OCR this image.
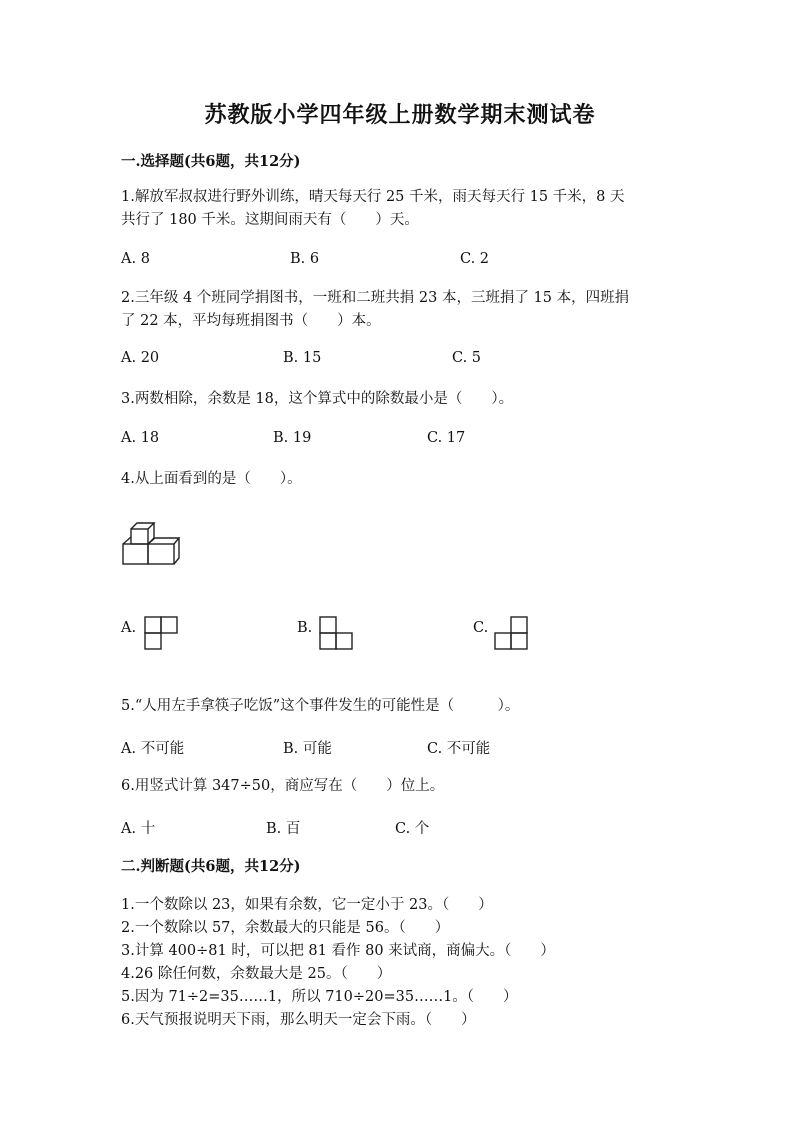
苏教版小学四年级上册数学期末测试卷
一.选择题(共6题，共12分)
1.解放军叔叔进行野外训练，晴天每天行 25 千米，雨天每天行 15 千米，8 天
共行了 180 千米。这期间雨天有（　　）天。
A. 8	B. 6	C. 2
2.三年级 4 个班同学捐图书，一班和二班共捐 23 本，三班捐了 15 本，四班捐
了 22 本，平均每班捐图书（　　）本。
A. 20	B. 15	C. 5
3.两数相除，余数是 18，这个算式中的除数最小是（　　）。
A. 18	B. 19	C. 17
4.从上面看到的是（　　）。
A.	B.	C.
5.“人用左手拿筷子吃饭”这个事件发生的可能性是（　　　）。
A. 不可能	B. 可能	C. 不可能
6.用竖式计算 347÷50，商应写在（　　）位上。
A. 十	B. 百	C. 个
二.判断题(共6题，共12分)
1.一个数除以 23，如果有余数，它一定小于 23。（　　）
2.一个数除以 57，余数最大的只能是 56。（　　）
3.计算 400÷81 时，可以把 81 看作 80 来试商，商偏大。（　　）
4.26 除任何数，余数最大是 25。（　　）
5.因为 71÷2=35……1，所以 710÷20=35……1。（　　）
6.天气预报说明天下雨，那么明天一定会下雨。（　　）
